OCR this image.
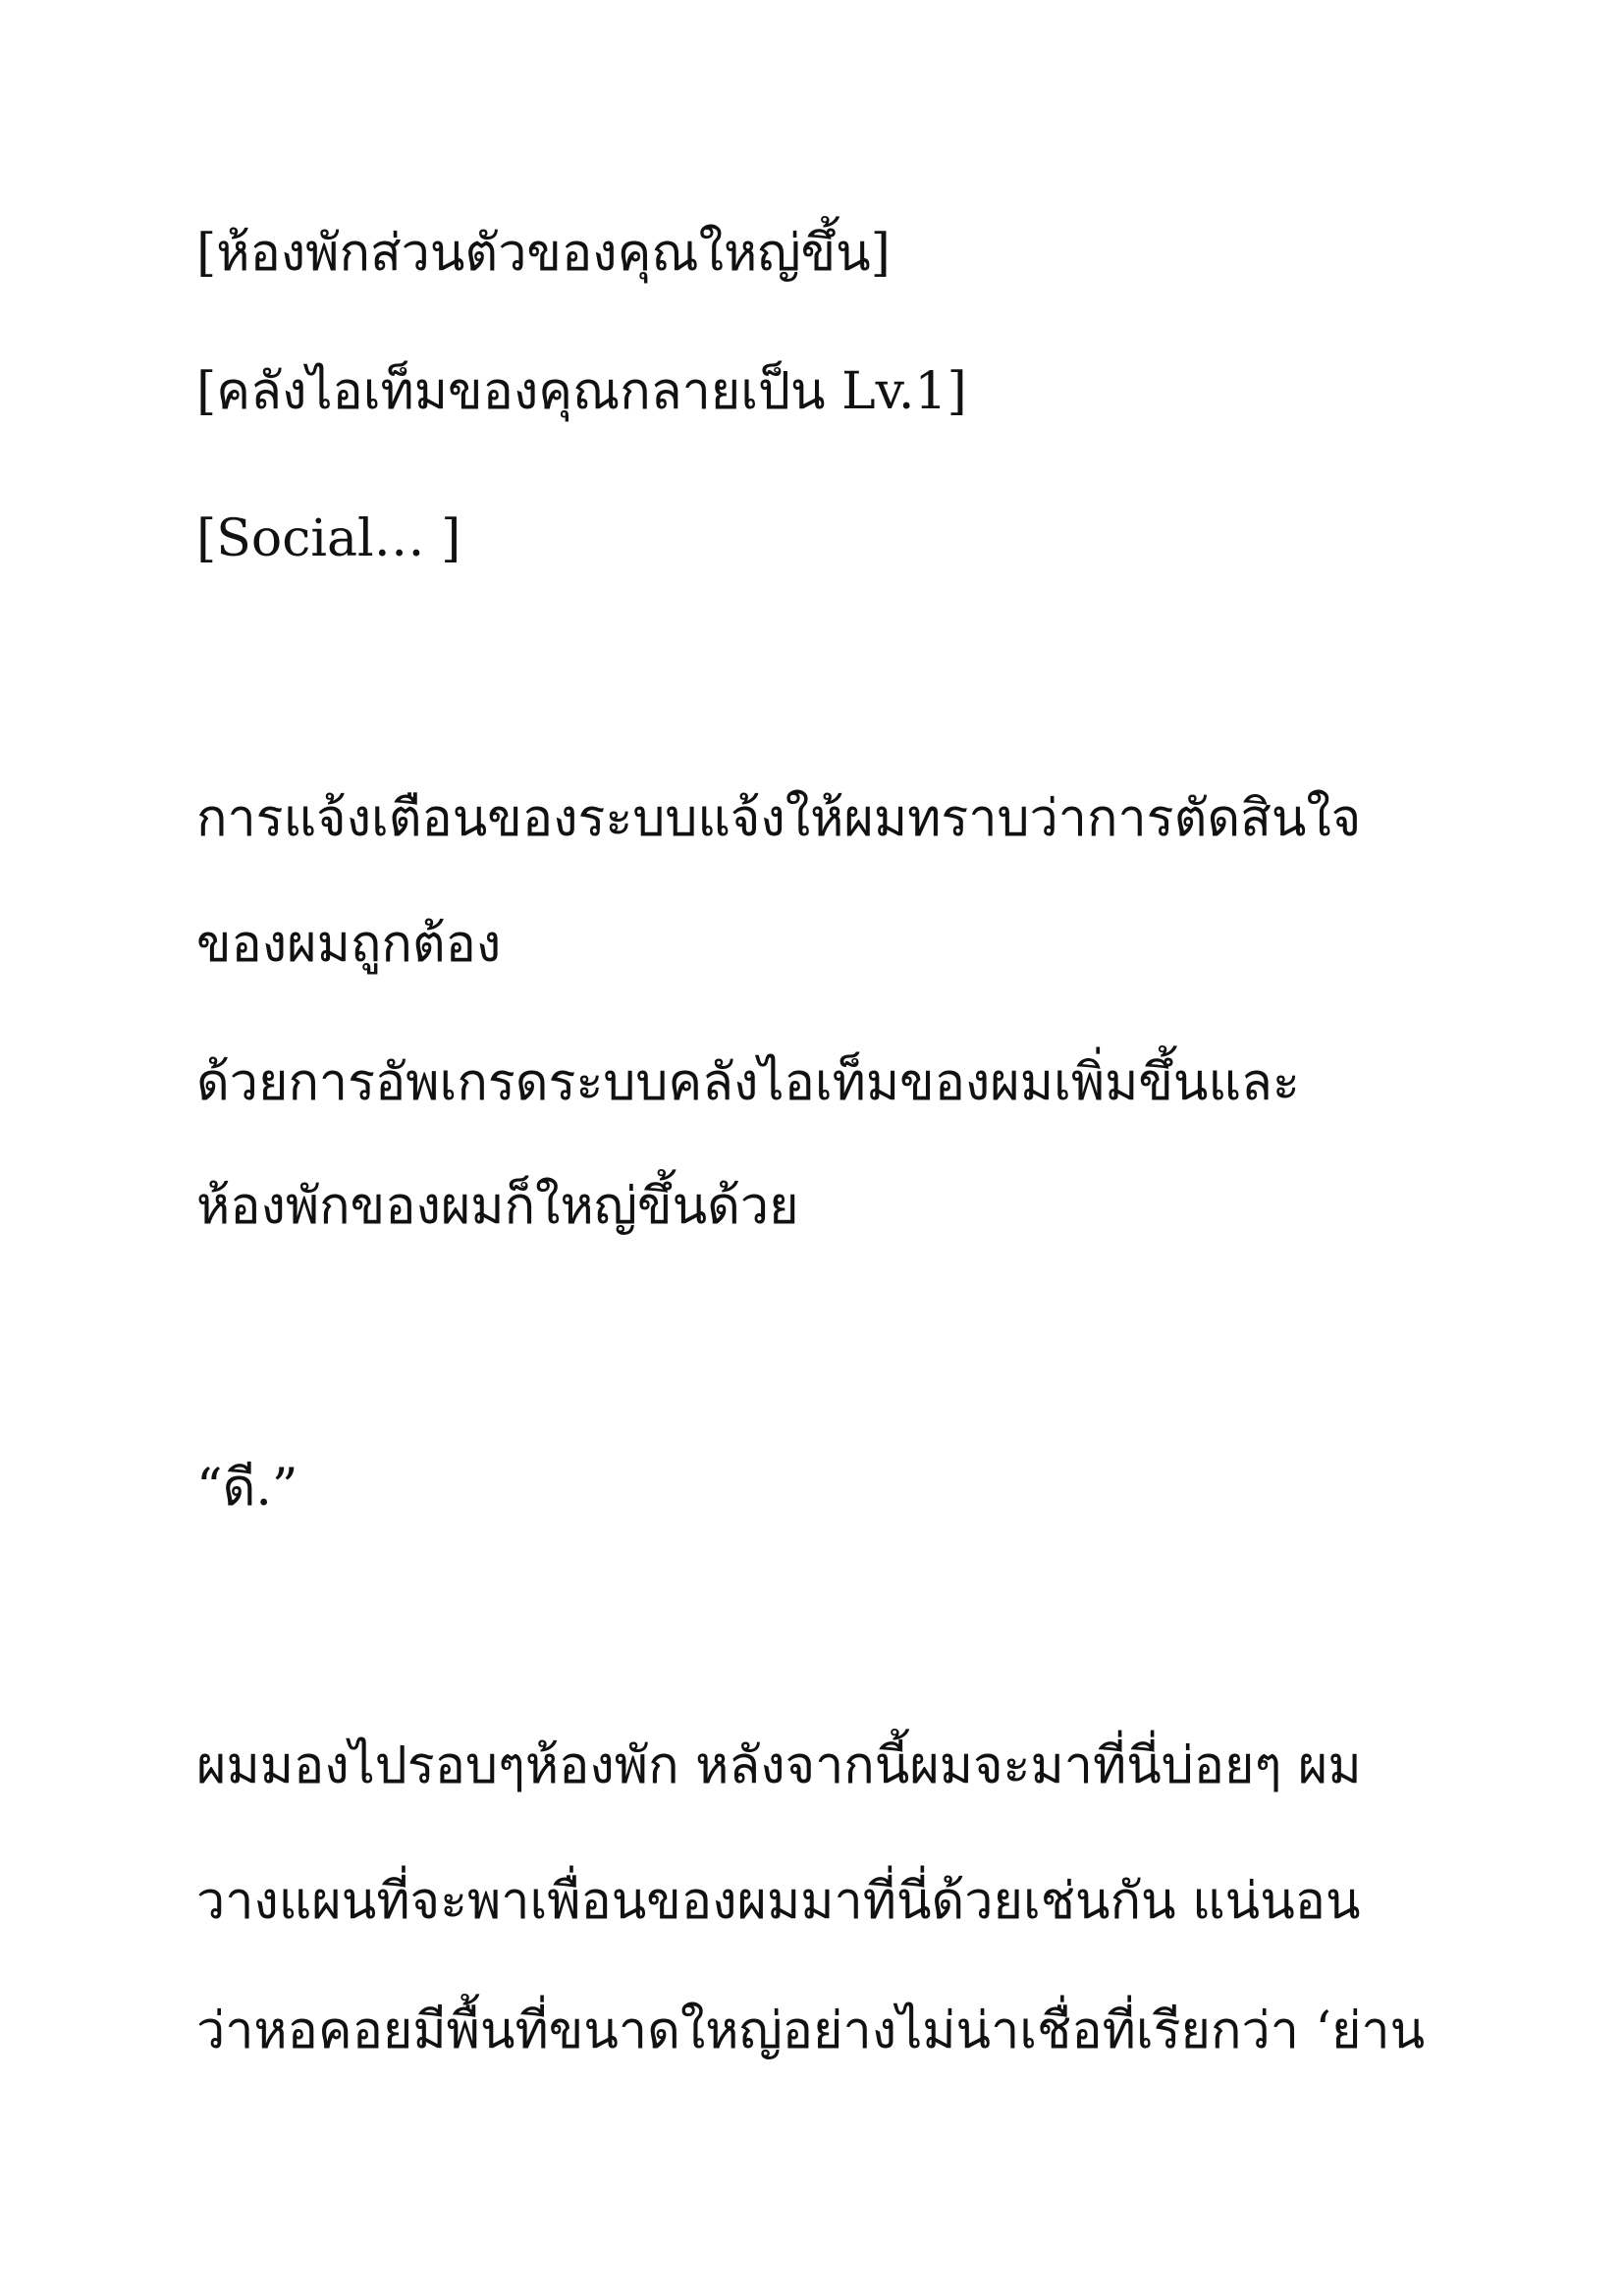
[ห้องพักส่วนตัวของคุณใหญ่ขึ้น]

[คลังไอเท็มของคุณกลายเป็น Lv.1]

[Social… ]

การแจ้งเตือนของระบบแจ้งให้ผมทราบว่าการตัดสินใจ

ของผมถูกต้อง

ด้วยการอัพเกรดระบบคลังไอเท็มของผมเพิ่มขึ้นและ

ห้องพักของผมก็ใหญ่ขึ้นด้วย

“ดี.”

ผมมองไปรอบๆห้องพัก หลังจากนี้ผมจะมาที่นี่บ่อยๆ ผม

วางแผนที่จะพาเพื่อนของผมมาที่นี่ด้วยเช่นกัน แน่นอน

ว่าหอคอยมีพื้นที่ขนาดใหญ่อย่างไม่น่าเชื่อที่เรียกว่า ‘ย่าน
